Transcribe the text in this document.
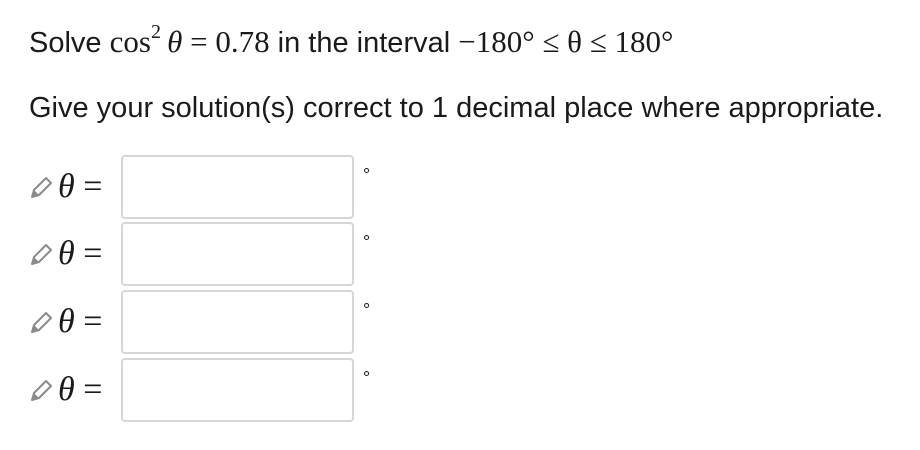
Solve $\cos^2 \theta = 0.78$ in the interval −180° ≤ θ ≤ 180°
Give your solution(s) correct to 1 decimal place where appropriate.
θ =	°
θ =	°
θ =	°
θ =	°
